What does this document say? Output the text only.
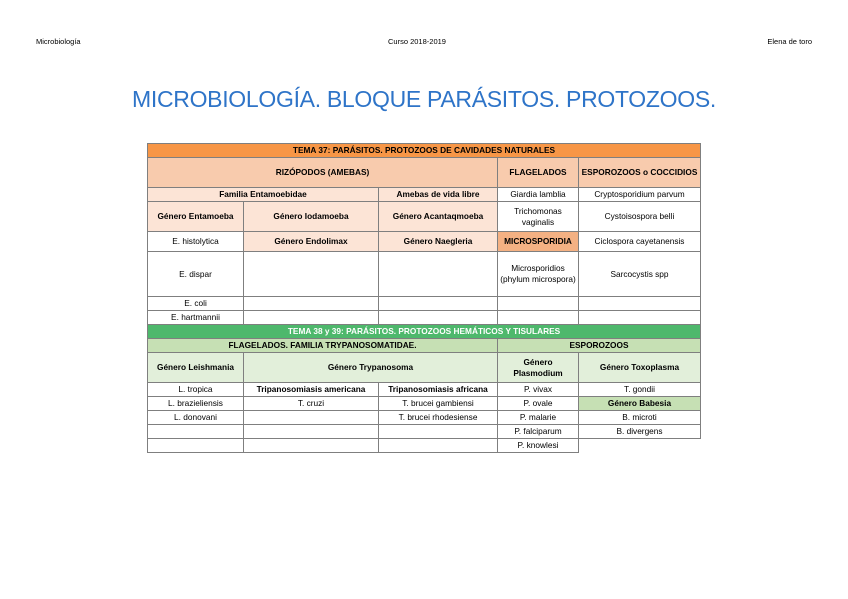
Microbiología	Curso 2018-2019	Elena de toro
MICROBIOLOGÍA. BLOQUE PARÁSITOS. PROTOZOOS.
TEMA 37: PARÁSITOS. PROTOZOOS DE CAVIDADES NATURALES				
RIZÓPODOS (AMEBAS)			FLAGELADOS	ESPOROZOOS o COCCIDIOS
Familia Entamoebidae		Amebas de vida libre	Giardia lamblia	Cryptosporidium parvum
Género Entamoeba	Género Iodamoeba	Género Acantaqmoeba	Trichomonas vaginalis	Cystoisospora belli
E. histolytica	Género Endolimax	Género Naegleria	MICROSPORIDIA	Ciclospora cayetanensis
E. dispar			Microsporidios (phylum microspora)	Sarcocystis spp
E. coli				
E. hartmannii				
TEMA 38 y 39: PARÁSITOS. PROTOZOOS HEMÁTICOS Y TISULARES				
FLAGELADOS. FAMILIA TRYPANOSOMATIDAE.			ESPOROZOOS	
Género Leishmania	Género Trypanosoma		Género Plasmodium	Género Toxoplasma
L. tropica	Tripanosomiasis americana	Tripanosomiasis africana	P. vivax	T. gondii
L. brazieliensis	T. cruzi	T. brucei gambiensi	P. ovale	Género Babesia
L. donovani		T. brucei rhodesiense	P. malarie	B. microti
			P. falciparum	B. divergens
			P. knowlesi	
